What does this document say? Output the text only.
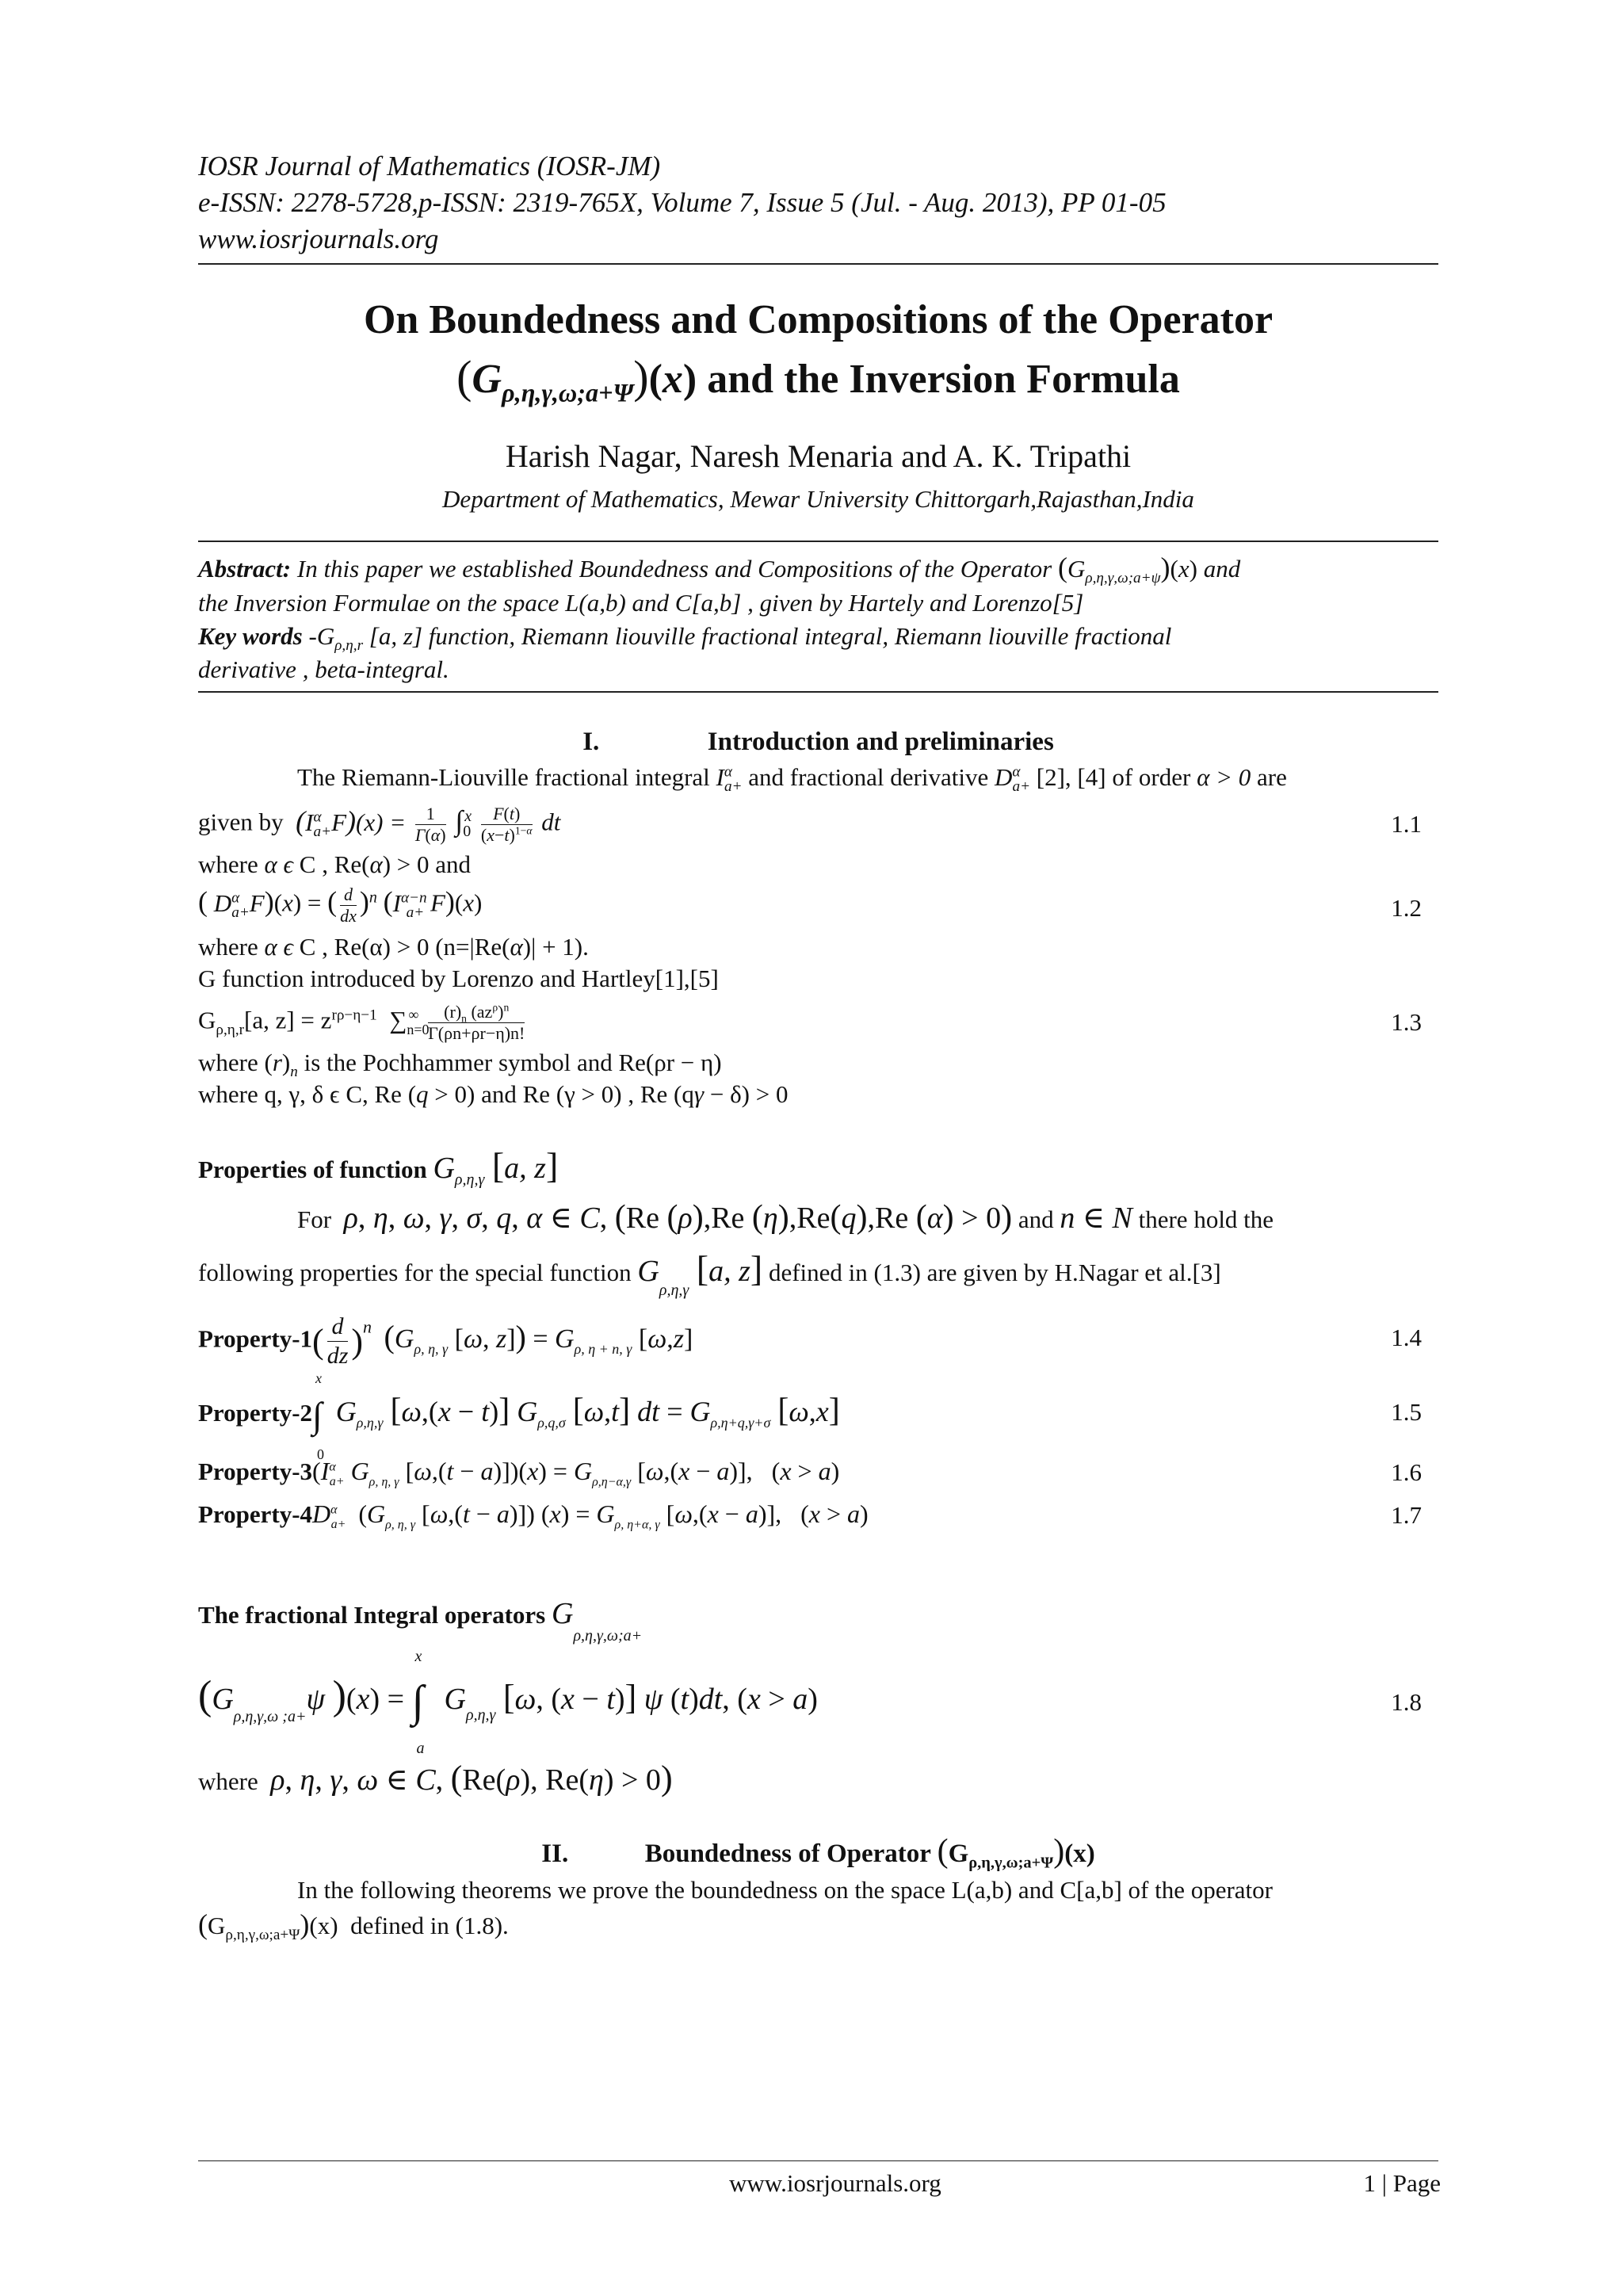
IOSR Journal of Mathematics (IOSR-JM)
e-ISSN: 2278-5728,p-ISSN: 2319-765X, Volume 7, Issue 5 (Jul. - Aug. 2013), PP 01-05
www.iosrjournals.org
On Boundedness and Compositions of the Operator
$(G_{\rho,\eta,\gamma,\omega;a+\Psi})(x)$ and the Inversion Formula
Harish Nagar, Naresh Menaria and A. K. Tripathi
Department of Mathematics, Mewar University Chittorgarh,Rajasthan,India
Abstract: In this paper we established Boundedness and Compositions of the Operator $(G_{\rho,\eta,\gamma,\omega;a+\psi})(x)$ and
the Inversion Formulae on the space L(a,b) and C[a,b] , given by Hartely and Lorenzo[5]
Key words $-G_{\rho,\eta,r}$ [a, z] function, Riemann liouville fractional integral, Riemann liouville fractional
derivative , beta-integral.
I.	Introduction and preliminaries
The Riemann-Liouville fractional integral $I^\alpha_{a+}$ and fractional derivative $D^\alpha_{a+}$ [2], [4] of order α > 0 are
given by $(I^\alpha_{a+}F)(x) = \frac{1}{\Gamma(\alpha)} \int_0^x \frac{F(t)}{(x-t)^{1-\alpha}}$ dt	1.1
where α ϵ C , Re(α) > 0 and
( $D^\alpha_{a+}F)(x)$ = ( $\frac{d}{dx} )^n$ ($I^{\alpha-n}_{a+}$ F)(x)	1.2
where α ϵ C , Re(α) > 0 (n=|Re(α)| + 1).
G function introduced by Lorenzo and Hartley[1],[5]
$G_{\rho,\eta,r}[a$, $z] = z^{r\rho-\eta-1}$  $\sum_{n=0}^\infty \frac{(r)_n (az^\rho)^n}{\Gamma(\rho n+\rho r-\eta)n!}$	1.3
where $(r)_n$ is the Pochhammer symbol and Re(ρr − η)
where q, γ, δ ϵ C, Re (q > 0) and Re (γ > 0) , Re (qγ − δ) > 0
Properties of function $G_{\rho,\eta,\gamma}$ [a, z]
For ρ, η, ω, γ, σ, q, α ∈ C, (Re (ρ),Re (η),Re(q),Re (α) > 0) and n ∈ N there hold the
following properties for the special function $G_{\rho,\eta,\gamma}$ [a, z] defined in (1.3) are given by H.Nagar et al.[3]
Property-1( $\frac{d}{dz} )^n$ ($G_{\rho, \eta, \gamma}$ [ω, $z]) = G_{\rho, \eta + n, \gamma}$ [ω,z]	1.4
Property-2∫
x
0
$G_{\rho,\eta,\gamma}$ [ω,(x − t)] $G_{\rho,q,\sigma}$ [ω,t] dt = $G_{\rho,\eta+q,\gamma+\sigma}$ [ω,x]	1.5
Property-$3(I^\alpha_{a+}$ $G_{\rho, \eta, \gamma}$ $[\omega,(t - a)])(x) = G_{\rho,\eta-\alpha,\gamma}$ [ω,(x − a)],   (x > a)	1.6
Property-$4D^\alpha_{a+}$  ($G_{\rho, \eta, \gamma}$ [ω,(t − a)]) $(x) = G_{\rho, \eta+\alpha, \gamma}$ [ω,(x − a)],   (x > a)	1.7
The fractional Integral operators $G_{\rho,\eta,\gamma,\omega;a+}$
($G_{\rho,\eta,\gamma,\omega ;a+}\psi$ )(x) = ∫
x
a
$G_{\rho,\eta,\gamma}$ [ω, (x − t)] ψ (t)dt, (x > a)	1.8
where ρ, η, γ, ω ∈ C, (Re(ρ), Re(η) > 0)
II.	Boundedness of Operator $(G_{\rho,\eta,\gamma,\omega;a+\Psi})(x)$
In the following theorems we prove the boundedness on the space L(a,b) and C[a,b] of the operator
$(G_{\rho,\eta,\gamma,\omega;a+\Psi})(x)$ defined in (1.8).
www.iosrjournals.org	1 | Page
